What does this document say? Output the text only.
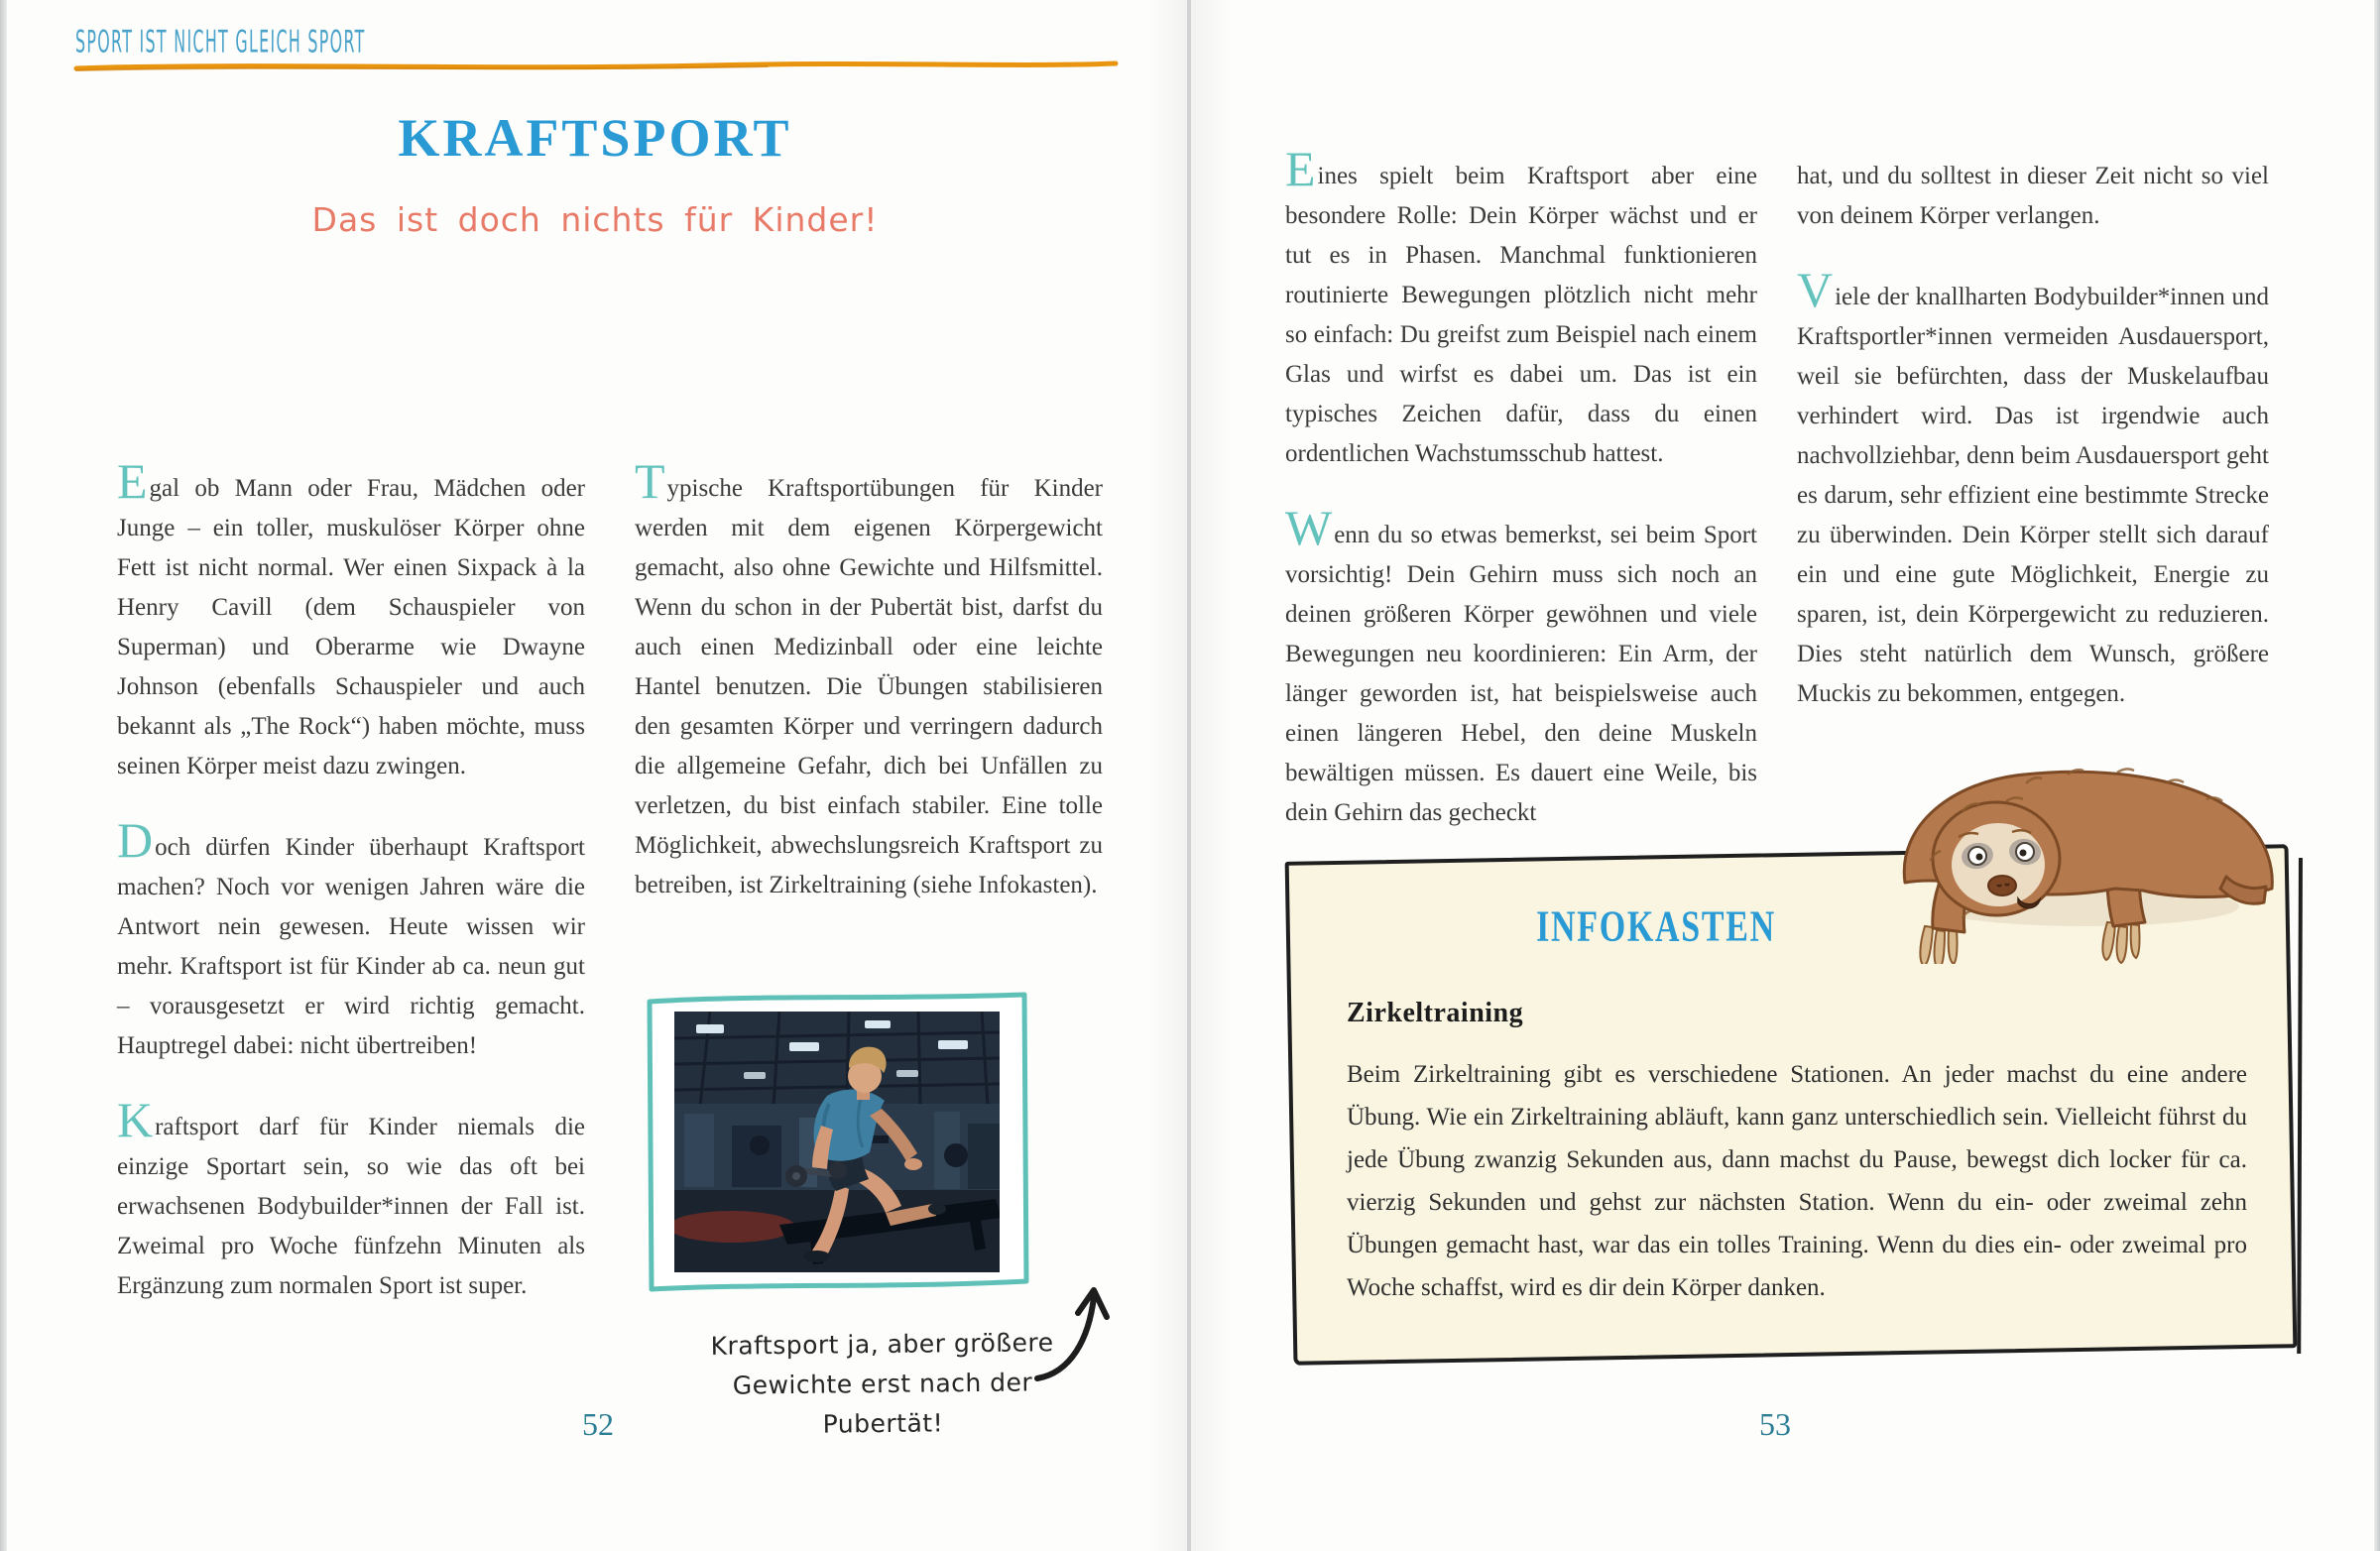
SPORT IST NICHT GLEICH SPORT
KRAFTSPORT
Das ist doch nichts für Kinder!

Egal ob Mann oder Frau, Mädchen oder Junge – ein toller, muskulöser Körper ohne Fett ist nicht normal. Wer einen Sixpack à la Henry Cavill (dem Schauspieler von Superman) und Oberarme wie Dwayne Johnson (ebenfalls Schauspieler und auch bekannt als „The Rock“) haben möchte, muss seinen Körper meist dazu zwingen.

Doch dürfen Kinder überhaupt Kraftsport machen? Noch vor wenigen Jahren wäre die Antwort nein gewesen. Heute wissen wir mehr. Kraftsport ist für Kinder ab ca. neun gut – vorausgesetzt er wird richtig gemacht. Hauptregel dabei: nicht übertreiben!

Kraftsport darf für Kinder niemals die einzige Sportart sein, so wie das oft bei erwachsenen Bodybuilder*innen der Fall ist. Zweimal pro Woche fünfzehn Minuten als Ergänzung zum normalen Sport ist super.

Typische Kraftsportübungen für Kinder werden mit dem eigenen Körpergewicht gemacht, also ohne Gewichte und Hilfsmittel. Wenn du schon in der Pubertät bist, darfst du auch einen Medizinball oder eine leichte Hantel benutzen. Die Übungen stabilisieren den gesamten Körper und verringern dadurch die allgemeine Gefahr, dich bei Unfällen zu verletzen, du bist einfach stabiler. Eine tolle Möglichkeit, abwechslungsreich Kraftsport zu betreiben, ist Zirkeltraining (siehe Infokasten).

Kraftsport ja, aber größere
Gewichte erst nach der Pubertät!
52

Eines spielt beim Kraftsport aber eine besondere Rolle: Dein Körper wächst und er tut es in Phasen. Manchmal funktionieren routinierte Bewegungen plötzlich nicht mehr so einfach: Du greifst zum Beispiel nach einem Glas und wirfst es dabei um. Das ist ein typisches Zeichen dafür, dass du einen ordentlichen Wachstumsschub hattest.

Wenn du so etwas bemerkst, sei beim Sport vorsichtig! Dein Gehirn muss sich noch an deinen größeren Körper gewöhnen und viele Bewegungen neu koordinieren: Ein Arm, der länger geworden ist, hat beispielsweise auch einen längeren Hebel, den deine Muskeln bewältigen müssen. Es dauert eine Weile, bis dein Gehirn das gecheckt

hat, und du solltest in dieser Zeit nicht so viel von deinem Körper verlangen.

Viele der knallharten Bodybuilder*innen und Kraftsportler*innen vermeiden Ausdauersport, weil sie befürchten, dass der Muskelaufbau verhindert wird. Das ist irgendwie auch nachvollziehbar, denn beim Ausdauersport geht es darum, sehr effizient eine bestimmte Strecke zu überwinden. Dein Körper stellt sich darauf ein und eine gute Möglichkeit, Energie zu sparen, ist, dein Körpergewicht zu reduzieren. Dies steht natürlich dem Wunsch, größere Muckis zu bekommen, entgegen.

INFOKASTEN
Zirkeltraining

Beim Zirkeltraining gibt es verschiedene Stationen. An jeder machst du eine andere Übung. Wie ein Zirkeltraining abläuft, kann ganz unterschiedlich sein. Vielleicht führst du jede Übung zwanzig Sekunden aus, dann machst du Pause, bewegst dich locker für ca. vierzig Sekunden und gehst zur nächsten Station. Wenn du ein- oder zweimal zehn Übungen gemacht hast, war das ein tolles Training. Wenn du dies ein- oder zweimal pro Woche schaffst, wird es dir dein Körper danken.

53
